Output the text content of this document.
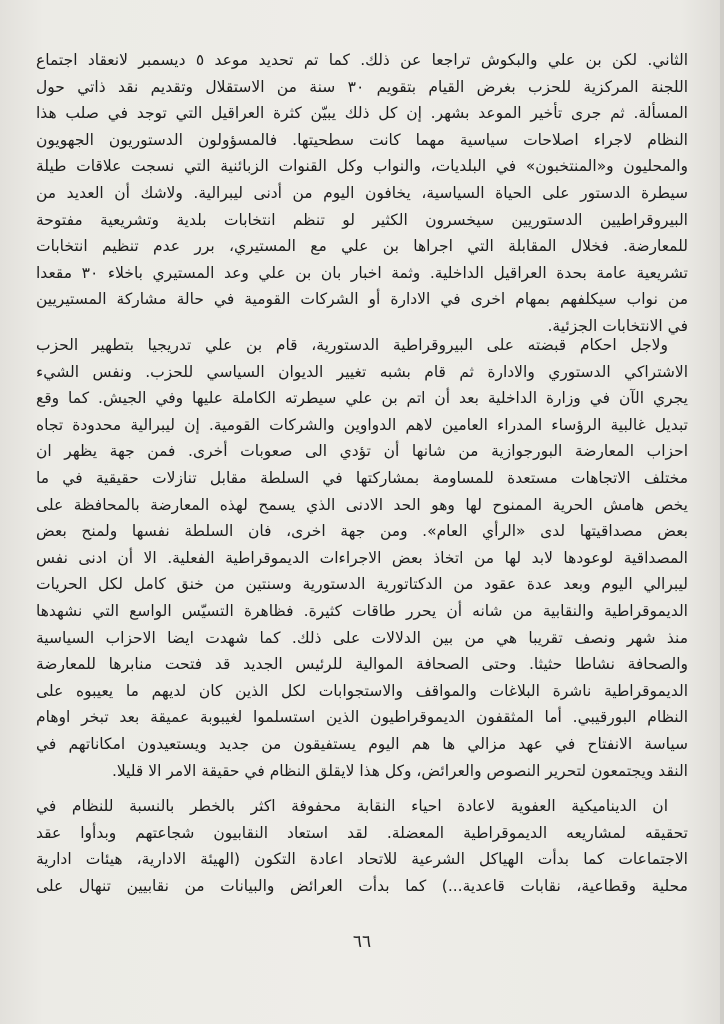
الثاني. لكن بن علي والبكوش تراجعا عن ذلك. كما تم تحديد موعد ٥ ديسمبر لانعقاد اجتماع
اللجنة المركزية للحزب بغرض القيام بتقويم ٣٠ سنة من الاستقلال وتقديم نقد ذاتي حول
المسألة. ثم جرى تأخير الموعد بشهر. إن كل ذلك يبيّن كثرة العراقيل التي توجد في صلب هذا
النظام لاجراء اصلاحات سياسية مهما كانت سطحيتها. فالمسؤولون الدستوريون الجهويون
والمحليون و«المنتخبون» في البلديات، والنواب وكل القنوات الزبائنية التي نسجت علاقات طيلة
سيطرة الدستور على الحياة السياسية، يخافون اليوم من أدنى ليبرالية. ولاشك أن العديد من
البيروقراطيين الدستوريين سيخسرون الكثير لو تنظم انتخابات بلدية وتشريعية مفتوحة
للمعارضة. فخلال المقابلة التي اجراها بن علي مع المستيري، برر عدم تنظيم انتخابات
تشريعية عامة بحدة العراقيل الداخلية. وثمة اخبار بان بن علي وعد المستيري باخلاء ٣٠ مقعدا
من نواب سيكلفهم بمهام اخرى في الادارة أو الشركات القومية في حالة مشاركة المستيريين
في الانتخابات الجزئية.
ولاجل احكام قبضته على البيروقراطية الدستورية، قام بن علي تدريجيا بتطهير الحزب
الاشتراكي الدستوري والادارة ثم قام بشبه تغيير الديوان السياسي للحزب. ونفس الشيء
يجري الآن في وزارة الداخلية بعد أن اتم بن علي سيطرته الكاملة عليها وفي الجيش. كما وقع
تبديل غالبية الرؤساء المدراء العامين لاهم الدواوين والشركات القومية. إن ليبرالية محدودة تجاه
احزاب المعارضة البورجوازية من شانها أن تؤدي الى صعوبات أخرى. فمن جهة يظهر ان
مختلف الاتجاهات مستعدة للمساومة بمشاركتها في السلطة مقابل تنازلات حقيقية في ما
يخص هامش الحرية الممنوح لها وهو الحد الادنى الذي يسمح لهذه المعارضة بالمحافظة على
بعض مصداقيتها لدى «الرأي العام». ومن جهة اخرى، فان السلطة نفسها ولمنح بعض
المصداقية لوعودها لابد لها من اتخاذ بعض الاجراءات الديموقراطية الفعلية. الا أن ادنى نفس
ليبرالي اليوم وبعد عدة عقود من الدكتاتورية الدستورية وسنتين من خنق كامل لكل الحريات
الديموقراطية والنقابية من شانه أن يحرر طاقات كثيرة. فظاهرة التسيّس الواسع التي نشهدها
منذ شهر ونصف تقريبا هي من بين الدلالات على ذلك. كما شهدت ايضا الاحزاب السياسية
والصحافة نشاطا حثيثا. وحتى الصحافة الموالية للرئيس الجديد قد فتحت منابرها للمعارضة
الديموقراطية ناشرة البلاغات والمواقف والاستجوابات لكل الذين كان لديهم ما يعيبوه على
النظام البورقيبي. أما المثقفون الديموقراطيون الذين استسلموا لغيبوبة عميقة بعد تبخر اوهام
سياسة الانفتاح في عهد مزالي ها هم اليوم يستفيقون من جديد ويستعيدون امكاناتهم في
النقد ويجتمعون لتحرير النصوص والعرائض، وكل هذا لايقلق النظام في حقيقة الامر الا قليلا.
ان الديناميكية العفوية لاعادة احياء النقابة محفوفة اكثر بالخطر بالنسبة للنظام في
تحقيقه لمشاريعه الديموقراطية المعضلة. لقد استعاد النقابيون شجاعتهم وبدأوا عقد
الاجتماعات كما بدأت الهياكل الشرعية للاتحاد اعادة التكون (الهيئة الادارية، هيئات ادارية
محلية وقطاعية، نقابات قاعدية...) كما بدأت العرائض والبيانات من نقابيين تنهال على
٦٦
